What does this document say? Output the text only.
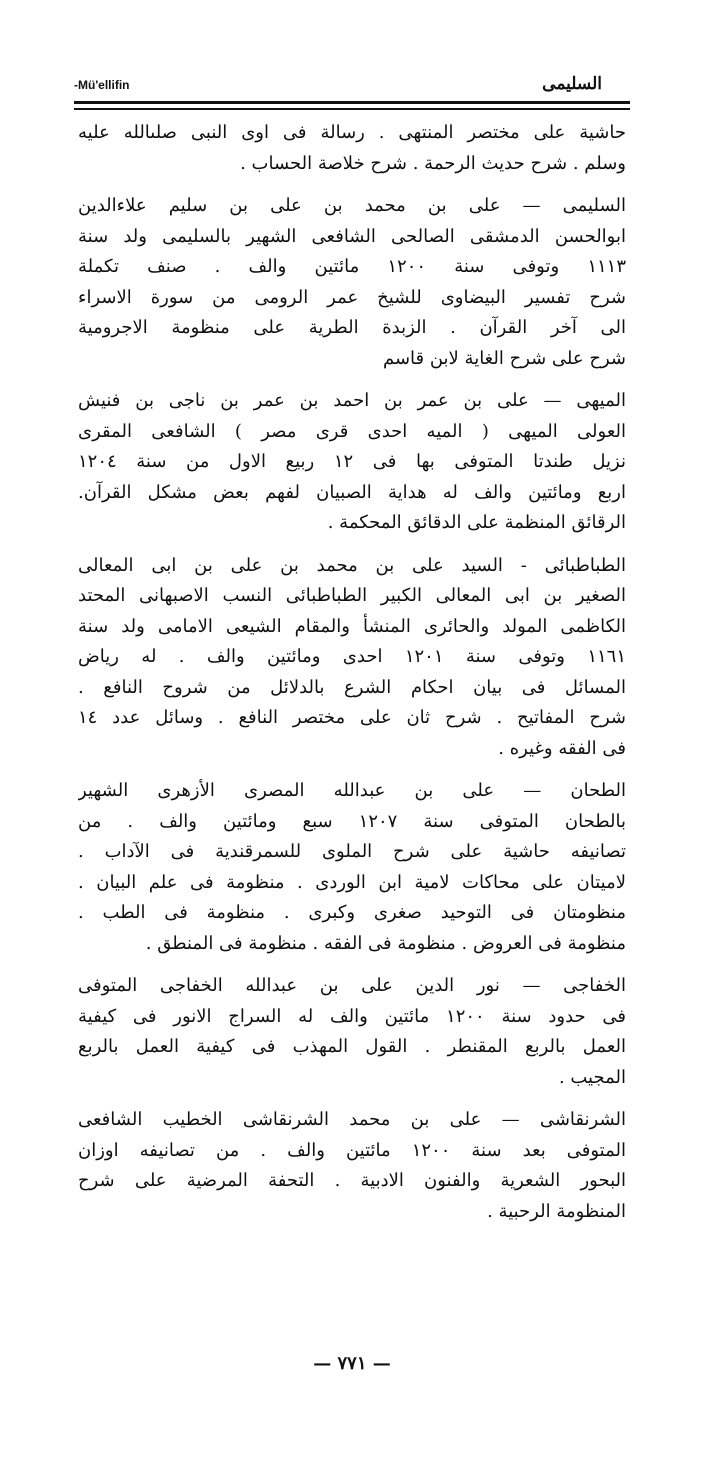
-Mü'ellifin	السليمى
حاشية على مختصر المنتهى . رسالة فى اوى النبى صلىالله عليه
وسلم . شرح حديث الرحمة . شرح خلاصة الحساب .
السليمى — على بن محمد بن على بن سليم علاءالدين
ابوالحسن الدمشقى الصالحى الشافعى الشهير بالسليمى ولد سنة
١١١٣ وتوفى سنة ١٢٠٠ مائتين والف . صنف تكملة
شرح تفسير البيضاوى للشيخ عمر الرومى من سورة الاسراء
الى آخر القرآن . الزبدة الطرية على منظومة الاجرومية
شرح على شرح الغاية لابن قاسم
الميهى — على بن عمر بن احمد بن عمر بن ناجى بن فنيش
العولى الميهى ( الميه احدى قرى مصر ) الشافعى المقرى
نزيل طندتا المتوفى بها فى ١٢ ربيع الاول من سنة ١٢٠٤
اربع ومائتين والف له هداية الصبيان لفهم بعض مشكل القرآن.
الرقائق المنظمة على الدقائق المحكمة .
الطباطبائى - السيد على بن محمد بن على بن ابى المعالى
الصغير بن ابى المعالى الكبير الطباطبائى النسب الاصبهانى المحتد
الكاظمى المولد والحائرى المنشأ والمقام الشيعى الامامى ولد سنة
١١٦١ وتوفى سنة ١٢٠١ احدى ومائتين والف . له رياض
المسائل فى بيان احكام الشرع بالدلائل من شروح النافع .
شرح المفاتيح . شرح ثان على مختصر النافع . وسائل عدد ١٤
فى الفقه وغيره .
الطحان — على بن عبدالله المصرى الأزهرى الشهير
بالطحان المتوفى سنة ١٢٠٧ سبع ومائتين والف . من
تصانيفه حاشية على شرح الملوى للسمرقندية فى الآداب .
لاميتان على محاكات لامية ابن الوردى . منظومة فى علم البيان .
منظومتان فى التوحيد صغرى وكبرى . منظومة فى الطب .
منظومة فى العروض . منظومة فى الفقه . منظومة فى المنطق .
الخفاجى — نور الدين على بن عبدالله الخفاجى المتوفى
فى حدود سنة ١٢٠٠ مائتين والف له السراج الانور فى كيفية
العمل بالربع المقنطر . القول المهذب فى كيفية العمل بالربع
المجيب .
الشرنقاشى — على بن محمد الشرنقاشى الخطيب الشافعى
المتوفى بعد سنة ١٢٠٠ مائتين والف . من تصانيفه اوزان
البحور الشعرية والفنون الادبية . التحفة المرضية على شرح
المنظومة الرحبية .
— ٧٧١ —
